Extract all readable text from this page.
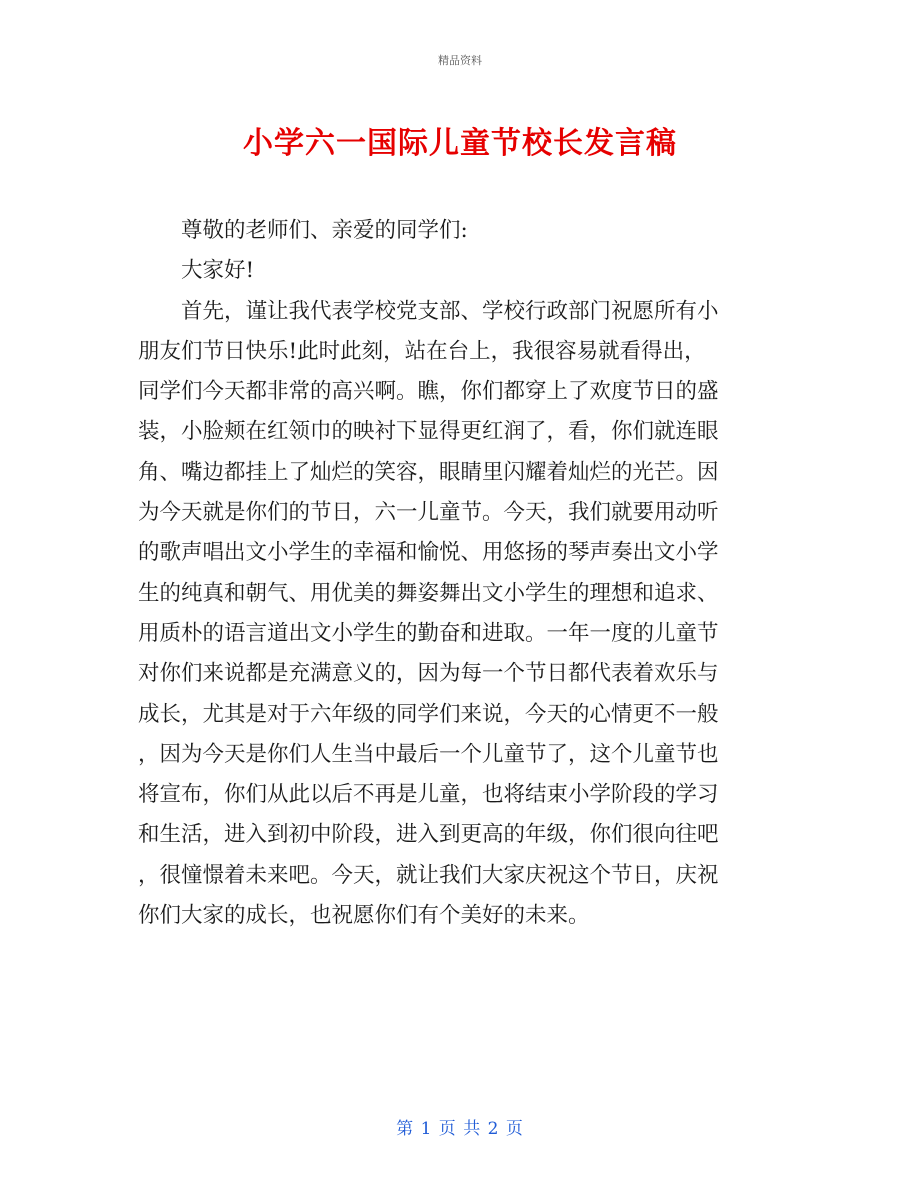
精品资料
小学六一国际儿童节校长发言稿
尊敬的老师们、亲爱的同学们:
大家好!
首先，谨让我代表学校党支部、学校行政部门祝愿所有小
朋友们节日快乐!此时此刻，站在台上，我很容易就看得出，
同学们今天都非常的高兴啊。瞧，你们都穿上了欢度节日的盛
装，小脸颊在红领巾的映衬下显得更红润了，看，你们就连眼
角、嘴边都挂上了灿烂的笑容，眼睛里闪耀着灿烂的光芒。因
为今天就是你们的节日，六一儿童节。今天，我们就要用动听
的歌声唱出文小学生的幸福和愉悦、用悠扬的琴声奏出文小学
生的纯真和朝气、用优美的舞姿舞出文小学生的理想和追求、
用质朴的语言道出文小学生的勤奋和进取。一年一度的儿童节
对你们来说都是充满意义的，因为每一个节日都代表着欢乐与
成长，尤其是对于六年级的同学们来说，今天的心情更不一般
，因为今天是你们人生当中最后一个儿童节了，这个儿童节也
将宣布，你们从此以后不再是儿童，也将结束小学阶段的学习
和生活，进入到初中阶段，进入到更高的年级，你们很向往吧
，很憧憬着未来吧。今天，就让我们大家庆祝这个节日，庆祝
你们大家的成长，也祝愿你们有个美好的未来。
第 1 页 共 2 页
